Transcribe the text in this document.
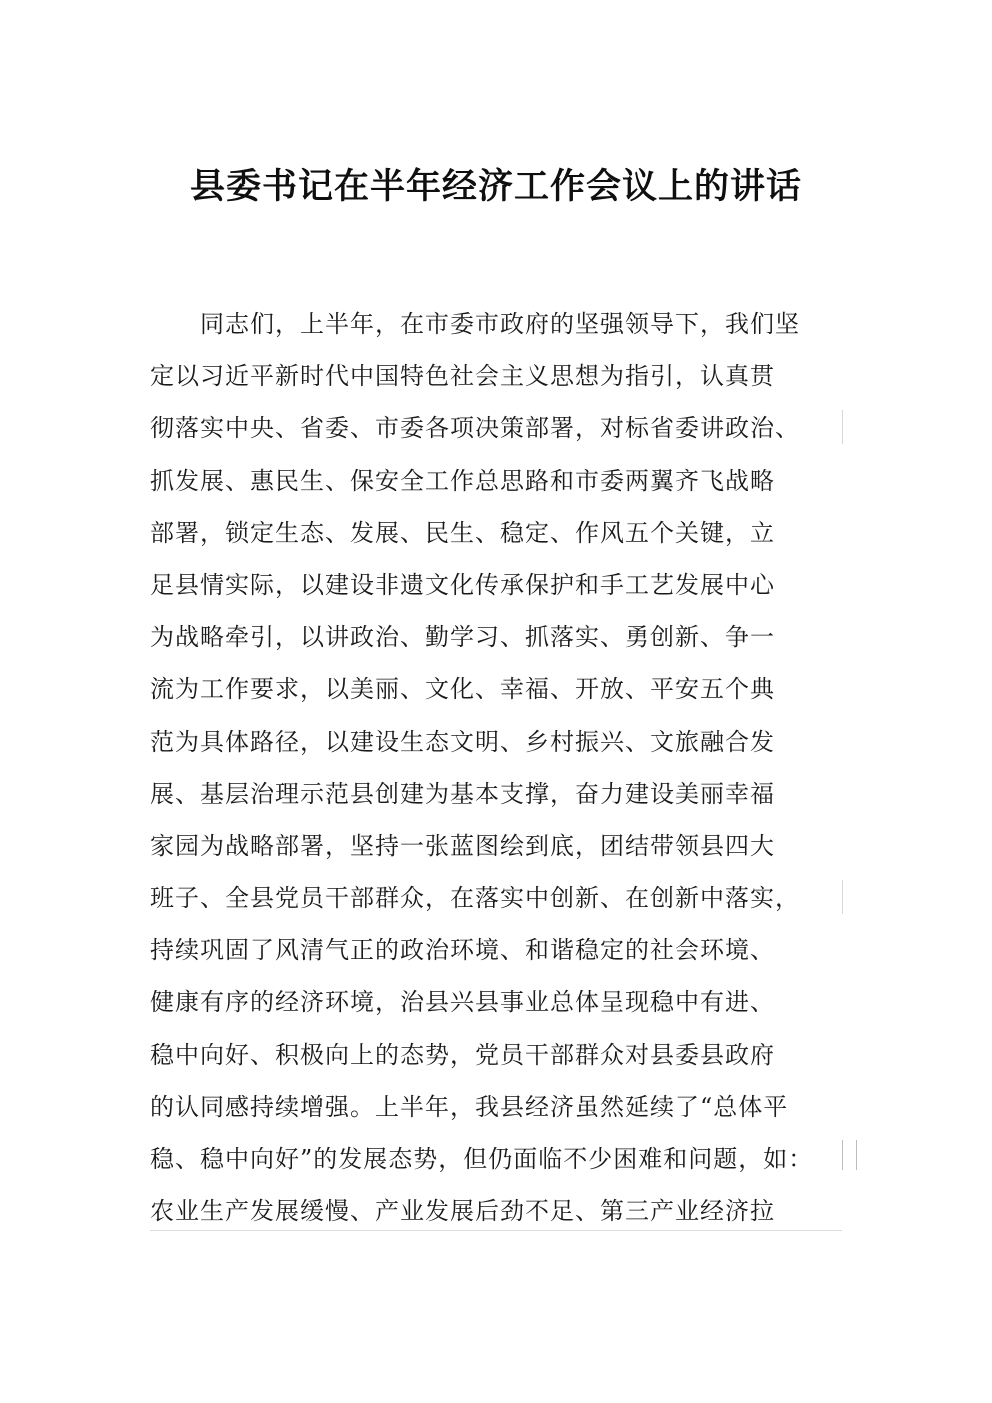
县委书记在半年经济工作会议上的讲话
同志们，上半年，在市委市政府的坚强领导下，我们坚
定以习近平新时代中国特色社会主义思想为指引，认真贯
彻落实中央、省委、市委各项决策部署，对标省委讲政治、
抓发展、惠民生、保安全工作总思路和市委两翼齐飞战略
部署，锁定生态、发展、民生、稳定、作风五个关键，立
足县情实际，以建设非遗文化传承保护和手工艺发展中心
为战略牵引，以讲政治、勤学习、抓落实、勇创新、争一
流为工作要求，以美丽、文化、幸福、开放、平安五个典
范为具体路径，以建设生态文明、乡村振兴、文旅融合发
展、基层治理示范县创建为基本支撑，奋力建设美丽幸福
家园为战略部署，坚持一张蓝图绘到底，团结带领县四大
班子、全县党员干部群众，在落实中创新、在创新中落实，
持续巩固了风清气正的政治环境、和谐稳定的社会环境、
健康有序的经济环境，治县兴县事业总体呈现稳中有进、
稳中向好、积极向上的态势，党员干部群众对县委县政府
的认同感持续增强。上半年，我县经济虽然延续了“总体平
稳、稳中向好”的发展态势，但仍面临不少困难和问题，如：
农业生产发展缓慢、产业发展后劲不足、第三产业经济拉
